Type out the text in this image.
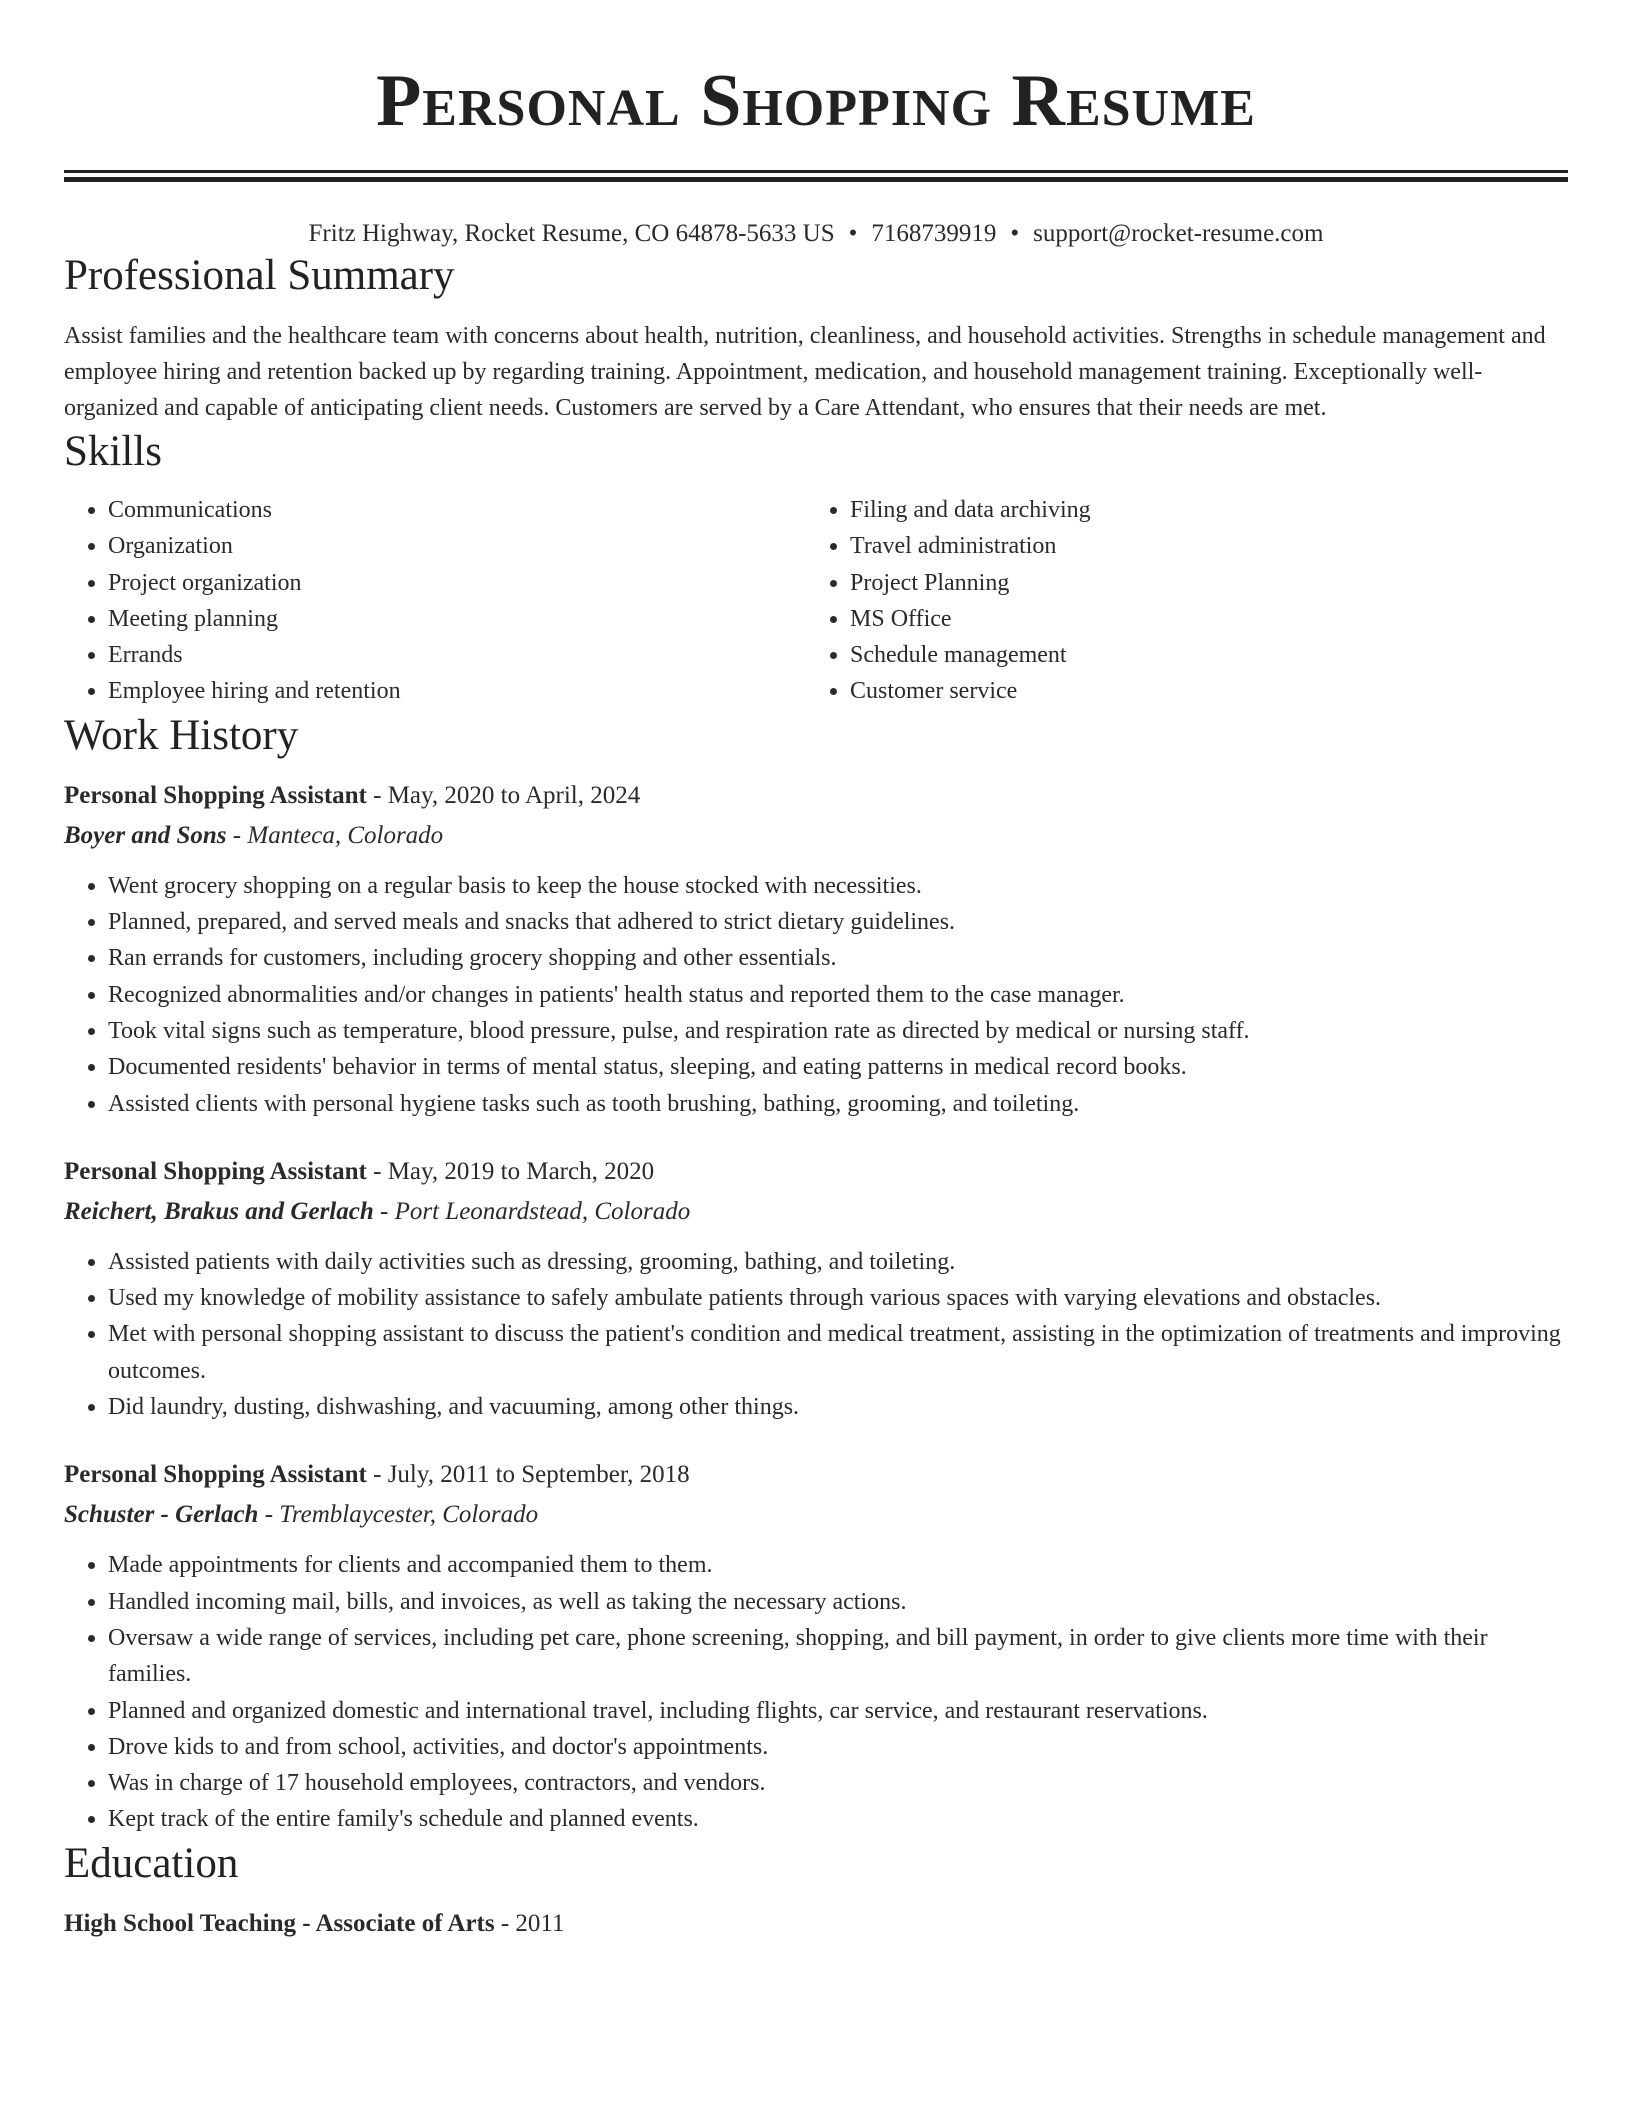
Personal Shopping Resume
Fritz Highway, Rocket Resume, CO 64878-5633 US • 7168739919 • support@rocket-resume.com
Professional Summary

Assist families and the healthcare team with concerns about health, nutrition, cleanliness, and household activities. Strengths in schedule management and employee hiring and retention backed up by regarding training. Appointment, medication, and household management training. Exceptionally well-organized and capable of anticipating client needs. Customers are served by a Care Attendant, who ensures that their needs are met.

Skills
• Communications
• Organization
• Project organization
• Meeting planning
• Errands
• Employee hiring and retention
• Filing and data archiving
• Travel administration
• Project Planning
• MS Office
• Schedule management
• Customer service
Work History
Personal Shopping Assistant - May, 2020 to April, 2024
Boyer and Sons - Manteca, Colorado
• Went grocery shopping on a regular basis to keep the house stocked with necessities.
• Planned, prepared, and served meals and snacks that adhered to strict dietary guidelines.
• Ran errands for customers, including grocery shopping and other essentials.
• Recognized abnormalities and/or changes in patients' health status and reported them to the case manager.
• Took vital signs such as temperature, blood pressure, pulse, and respiration rate as directed by medical or nursing staff.
• Documented residents' behavior in terms of mental status, sleeping, and eating patterns in medical record books.
• Assisted clients with personal hygiene tasks such as tooth brushing, bathing, grooming, and toileting.
Personal Shopping Assistant - May, 2019 to March, 2020
Reichert, Brakus and Gerlach - Port Leonardstead, Colorado
• Assisted patients with daily activities such as dressing, grooming, bathing, and toileting.
• Used my knowledge of mobility assistance to safely ambulate patients through various spaces with varying elevations and obstacles.
• Met with personal shopping assistant to discuss the patient's condition and medical treatment, assisting in the optimization of treatments and improving outcomes.
• Did laundry, dusting, dishwashing, and vacuuming, among other things.
Personal Shopping Assistant - July, 2011 to September, 2018
Schuster - Gerlach - Tremblaycester, Colorado
• Made appointments for clients and accompanied them to them.
• Handled incoming mail, bills, and invoices, as well as taking the necessary actions.
• Oversaw a wide range of services, including pet care, phone screening, shopping, and bill payment, in order to give clients more time with their families.
• Planned and organized domestic and international travel, including flights, car service, and restaurant reservations.
• Drove kids to and from school, activities, and doctor's appointments.
• Was in charge of 17 household employees, contractors, and vendors.
• Kept track of the entire family's schedule and planned events.
Education
High School Teaching - Associate of Arts - 2011
